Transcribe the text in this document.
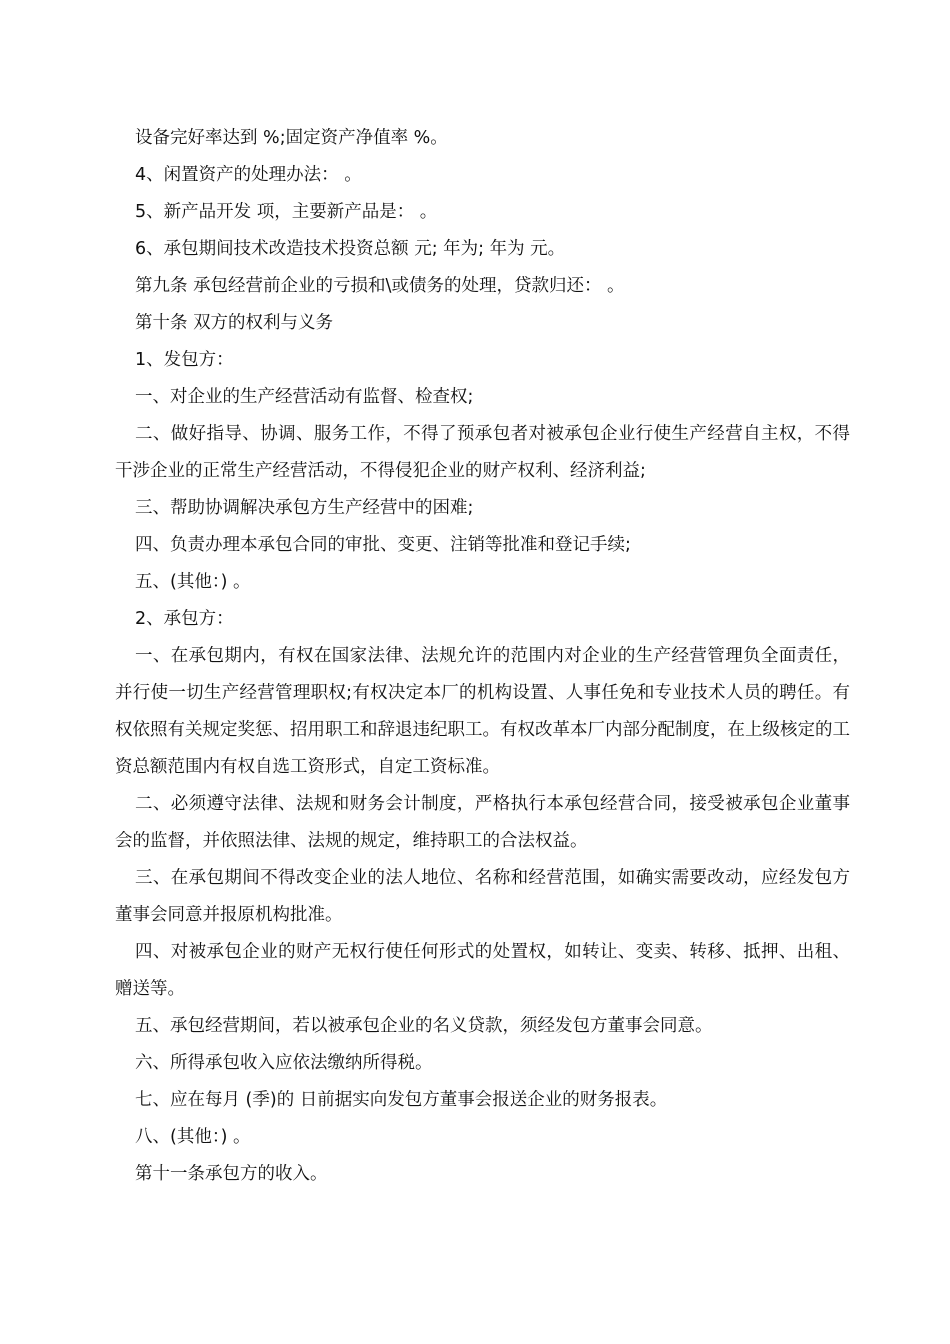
设备完好率达到 %;固定资产净值率 %。

4、闲置资产的处理办法： 。

5、新产品开发 项，主要新产品是： 。

6、承包期间技术改造技术投资总额 元; 年为; 年为 元。

第九条 承包经营前企业的亏损和\或债务的处理，贷款归还： 。

第十条 双方的权利与义务

1、发包方：

一、对企业的生产经营活动有监督、检查权;

二、做好指导、协调、服务工作，不得了预承包者对被承包企业行使生产经营自主权，不得干涉企业的正常生产经营活动，不得侵犯企业的财产权利、经济利益;

三、帮助协调解决承包方生产经营中的困难;

四、负责办理本承包合同的审批、变更、注销等批准和登记手续;

五、(其他：) 。

2、承包方：

一、在承包期内，有权在国家法律、法规允许的范围内对企业的生产经营管理负全面责任，并行使一切生产经营管理职权;有权决定本厂的机构设置、人事任免和专业技术人员的聘任。有权依照有关规定奖惩、招用职工和辞退违纪职工。有权改革本厂内部分配制度，在上级核定的工资总额范围内有权自选工资形式，自定工资标准。

二、必须遵守法律、法规和财务会计制度，严格执行本承包经营合同，接受被承包企业董事会的监督，并依照法律、法规的规定，维持职工的合法权益。

三、在承包期间不得改变企业的法人地位、名称和经营范围，如确实需要改动，应经发包方董事会同意并报原机构批准。

四、对被承包企业的财产无权行使任何形式的处置权，如转让、变卖、转移、抵押、出租、赠送等。

五、承包经营期间，若以被承包企业的名义贷款，须经发包方董事会同意。

六、所得承包收入应依法缴纳所得税。

七、应在每月 (季)的 日前据实向发包方董事会报送企业的财务报表。

八、(其他：) 。

第十一条承包方的收入。
